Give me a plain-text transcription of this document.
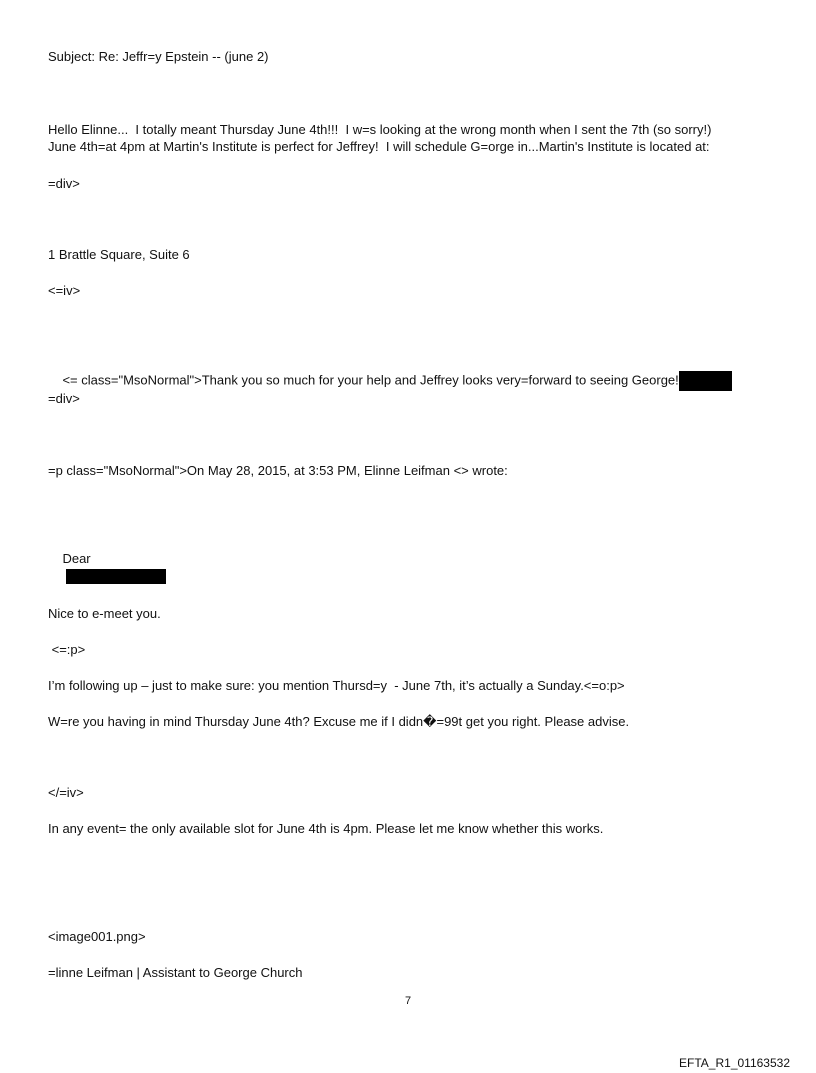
Subject: Re: Jeffr=y Epstein -- (june 2)
Hello Elinne...  I totally meant Thursday June 4th!!!  I w=s looking at the wrong month when I sent the 7th (so sorry!)
June 4th=at 4pm at Martin's Institute is perfect for Jeffrey!  I will schedule G=orge in...Martin's Institute is located at:
=div>
1 Brattle Square, Suite 6
<=iv>

<= class="MsoNormal">Thank you so much for your help and Jeffrey looks very=forward to seeing George!

=div>
=p class="MsoNormal">On May 28, 2015, at 3:53 PM, Elinne Leifman <> wrote:

Dear

Nice to e-meet you.
<=:p>
I’m following up – just to make sure: you mention Thursd=y  - June 7th, it’s actually a Sunday.<=o:p>
W=re you having in mind Thursday June 4th? Excuse me if I didn�=99t get you right. Please advise.
</=iv>
In any event= the only available slot for June 4th is 4pm. Please let me know whether this works.
<image001.png>
=linne Leifman | Assistant to George Church
7
EFTA_R1_01163532
